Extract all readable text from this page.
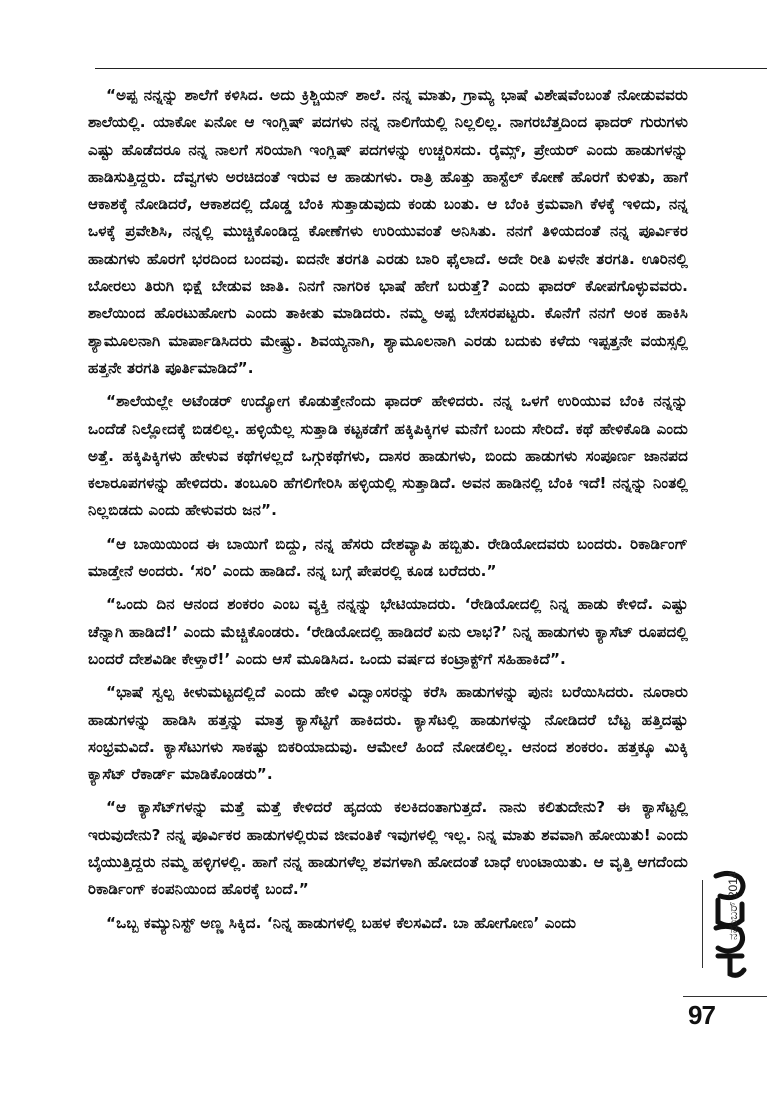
“ಅಪ್ಪ ನನ್ನನ್ನು ಶಾಲೆಗೆ ಕಳಿಸಿದ. ಅದು ಕ್ರಿಶ್ಚಿಯನ್ ಶಾಲೆ. ನನ್ನ ಮಾತು, ಗ್ರಾಮ್ಯ ಭಾಷೆ ವಿಶೇಷವೆಂಬಂತೆ ನೋಡುವವರು ಶಾಲೆಯಲ್ಲಿ. ಯಾಕೋ ಏನೋ ಆ ಇಂಗ್ಲಿಷ್ ಪದಗಳು ನನ್ನ ನಾಲಿಗೆಯಲ್ಲಿ ನಿಲ್ಲಲಿಲ್ಲ. ನಾಗರಬೆತ್ತದಿಂದ ಫಾದರ್ ಗುರುಗಳು ಎಷ್ಟು ಹೊಡೆದರೂ ನನ್ನ ನಾಲಗೆ ಸರಿಯಾಗಿ ಇಂಗ್ಲಿಷ್ ಪದಗಳನ್ನು ಉಚ್ಚರಿಸದು. ರೈಮ್ಸ್, ಪ್ರೇಯರ್ ಎಂದು ಹಾಡುಗಳನ್ನು ಹಾಡಿಸುತ್ತಿದ್ದರು. ದೆವ್ವಗಳು ಅರಚಿದಂತೆ ಇರುವ ಆ ಹಾಡುಗಳು. ರಾತ್ರಿ ಹೊತ್ತು ಹಾಸ್ಟೆಲ್ ಕೋಣೆ ಹೊರಗೆ ಕುಳಿತು, ಹಾಗೆ ಆಕಾಶಕ್ಕೆ ನೋಡಿದರೆ, ಆಕಾಶದಲ್ಲಿ ದೊಡ್ಡ ಬೆಂಕಿ ಸುತ್ತಾಡುವುದು ಕಂಡು ಬಂತು. ಆ ಬೆಂಕಿ ಕ್ರಮವಾಗಿ ಕೆಳಕ್ಕೆ ಇಳಿದು, ನನ್ನ ಒಳಕ್ಕೆ ಪ್ರವೇಶಿಸಿ, ನನ್ನಲ್ಲಿ ಮುಚ್ಚಿಕೊಂಡಿದ್ದ ಕೋಣೆಗಳು ಉರಿಯುವಂತೆ ಅನಿಸಿತು. ನನಗೆ ತಿಳಿಯದಂತೆ ನನ್ನ ಪೂರ್ವಿಕರ ಹಾಡುಗಳು ಹೊರಗೆ ಭರದಿಂದ ಬಂದವು. ಐದನೇ ತರಗತಿ ಎರಡು ಬಾರಿ ಫೈಲಾದೆ. ಅದೇ ರೀತಿ ಏಳನೇ ತರಗತಿ. ಊರಿನಲ್ಲಿ ಬೋರಲು ತಿರುಗಿ ಭಿಕ್ಷೆ ಬೇಡುವ ಜಾತಿ. ನಿನಗೆ ನಾಗರಿಕ ಭಾಷೆ ಹೇಗೆ ಬರುತ್ತೆ? ಎಂದು ಫಾದರ್ ಕೋಪಗೊಳ್ಳುವವರು. ಶಾಲೆಯಿಂದ ಹೊರಟುಹೋಗು ಎಂದು ತಾಕೀತು ಮಾಡಿದರು. ನಮ್ಮ ಅಪ್ಪ ಬೇಸರಪಟ್ಟರು. ಕೊನೆಗೆ ನನಗೆ ಅಂಕ ಹಾಕಿಸಿ ಶ್ಯಾಮೂಲನಾಗಿ ಮಾರ್ಪಾಡಿಸಿದರು ಮೇಷ್ಟ್ರು. ಶಿವಯ್ಯನಾಗಿ, ಶ್ಯಾಮೂಲನಾಗಿ ಎರಡು ಬದುಕು ಕಳೆದು ಇಪ್ಪತ್ತನೇ ವಯಸ್ಸಲ್ಲಿ ಹತ್ತನೇ ತರಗತಿ ಪೂರ್ತಿಮಾಡಿದೆ”.

“ಶಾಲೆಯಲ್ಲೇ ಅಟೆಂಡರ್ ಉದ್ಯೋಗ ಕೊಡುತ್ತೇನೆಂದು ಫಾದರ್ ಹೇಳಿದರು. ನನ್ನ ಒಳಗೆ ಉರಿಯುವ ಬೆಂಕಿ ನನ್ನನ್ನು ಒಂದೆಡೆ ನಿಲ್ಲೋದಕ್ಕೆ ಬಿಡಲಿಲ್ಲ. ಹಳ್ಳಿಯೆಲ್ಲ ಸುತ್ತಾಡಿ ಕಟ್ಟಕಡೆಗೆ ಹಕ್ಕಿಪಿಕ್ಕಿಗಳ ಮನೆಗೆ ಬಂದು ಸೇರಿದೆ. ಕಥೆ ಹೇಳಿಕೊಡಿ ಎಂದು ಅತ್ತೆ. ಹಕ್ಕಿಪಿಕ್ಕಿಗಳು ಹೇಳುವ ಕಥೆಗಳಲ್ಲದೆ ಒಗ್ಗುಕಥೆಗಳು, ದಾಸರ ಹಾಡುಗಳು, ಬಿಂದು ಹಾಡುಗಳು ಸಂಪೂರ್ಣ ಜಾನಪದ ಕಲಾರೂಪಗಳನ್ನು ಹೇಳಿದರು. ತಂಬೂರಿ ಹೆಗಲಿಗೇರಿಸಿ ಹಳ್ಳಿಯಲ್ಲಿ ಸುತ್ತಾಡಿದೆ. ಅವನ ಹಾಡಿನಲ್ಲಿ ಬೆಂಕಿ ಇದೆ! ನನ್ನನ್ನು ನಿಂತಲ್ಲಿ ನಿಲ್ಲಬಿಡದು ಎಂದು ಹೇಳುವರು ಜನ”.

“ಆ ಬಾಯಿಯಿಂದ ಈ ಬಾಯಿಗೆ ಬಿದ್ದು, ನನ್ನ ಹೆಸರು ದೇಶವ್ಯಾಪಿ ಹಬ್ಬಿತು. ರೇಡಿಯೋದವರು ಬಂದರು. ರಿಕಾರ್ಡಿಂಗ್ ಮಾಡ್ತೇನೆ ಅಂದರು. ‘ಸರಿ’ ಎಂದು ಹಾಡಿದೆ. ನನ್ನ ಬಗ್ಗೆ ಪೇಪರಲ್ಲಿ ಕೂಡ ಬರೆದರು.”

“ಒಂದು ದಿನ ಆನಂದ ಶಂಕರಂ ಎಂಬ ವ್ಯಕ್ತಿ ನನ್ನನ್ನು ಭೇಟಿಯಾದರು. ‘ರೇಡಿಯೋದಲ್ಲಿ ನಿನ್ನ ಹಾಡು ಕೇಳಿದೆ. ಎಷ್ಟು ಚೆನ್ನಾಗಿ ಹಾಡಿದೆ!’ ಎಂದು ಮೆಚ್ಚಿಕೊಂಡರು. ‘ರೇಡಿಯೋದಲ್ಲಿ ಹಾಡಿದರೆ ಏನು ಲಾಭ?’ ನಿನ್ನ ಹಾಡುಗಳು ಕ್ಯಾಸೆಟ್ ರೂಪದಲ್ಲಿ ಬಂದರೆ ದೇಶವಿಡೀ ಕೇಳ್ತಾರೆ!’ ಎಂದು ಆಸೆ ಮೂಡಿಸಿದ. ಒಂದು ವರ್ಷದ ಕಂಟ್ರಾಕ್ಟ್‌ಗೆ ಸಹಿಹಾಕಿದೆ”.

“ಭಾಷೆ ಸ್ವಲ್ಪ ಕೀಳುಮಟ್ಟದಲ್ಲಿದೆ ಎಂದು ಹೇಳಿ ವಿದ್ವಾಂಸರನ್ನು ಕರೆಸಿ ಹಾಡುಗಳನ್ನು ಪುನಃ ಬರೆಯಿಸಿದರು. ನೂರಾರು ಹಾಡುಗಳನ್ನು ಹಾಡಿಸಿ ಹತ್ತನ್ನು ಮಾತ್ರ ಕ್ಯಾಸೆಟ್ಟಿಗೆ ಹಾಕಿದರು. ಕ್ಯಾಸೆಟಲ್ಲಿ ಹಾಡುಗಳನ್ನು ನೋಡಿದರೆ ಬೆಟ್ಟ ಹತ್ತಿದಷ್ಟು ಸಂಭ್ರಮವಿದೆ. ಕ್ಯಾಸೆಟುಗಳು ಸಾಕಷ್ಟು ಬಿಕರಿಯಾದುವು. ಆಮೇಲೆ ಹಿಂದೆ ನೋಡಲಿಲ್ಲ. ಆನಂದ ಶಂಕರಂ. ಹತ್ತಕ್ಕೂ ಮಿಕ್ಕಿ ಕ್ಯಾಸೆಟ್ ರೆಕಾರ್ಡ್ ಮಾಡಿಕೊಂಡರು”.

“ಆ ಕ್ಯಾಸೆಟ್‌ಗಳನ್ನು ಮತ್ತೆ ಮತ್ತೆ ಕೇಳಿದರೆ ಹೃದಯ ಕಲಕಿದಂತಾಗುತ್ತದೆ. ನಾನು ಕಲಿತುದೇನು? ಈ ಕ್ಯಾಸೆಟ್ಟಲ್ಲಿ ಇರುವುದೇನು? ನನ್ನ ಪೂರ್ವಿಕರ ಹಾಡುಗಳಲ್ಲಿರುವ ಜೀವಂತಿಕೆ ಇವುಗಳಲ್ಲಿ ಇಲ್ಲ. ನಿನ್ನ ಮಾತು ಶವವಾಗಿ ಹೋಯಿತು! ಎಂದು ಬೈಯುತ್ತಿದ್ದರು ನಮ್ಮ ಹಳ್ಳಿಗಳಲ್ಲಿ. ಹಾಗೆ ನನ್ನ ಹಾಡುಗಳೆಲ್ಲ ಶವಗಳಾಗಿ ಹೋದಂತೆ ಬಾಧೆ ಉಂಟಾಯಿತು. ಆ ವೃತ್ತಿ ಆಗದೆಂದು ರಿಕಾರ್ಡಿಂಗ್ ಕಂಪನಿಯಿಂದ ಹೊರಕ್ಕೆ ಬಂದೆ.”

“ಒಬ್ಬ ಕಮ್ಯುನಿಸ್ಟ್ ಅಣ್ಣ ಸಿಕ್ಕಿದ. ‘ನಿನ್ನ ಹಾಡುಗಳಲ್ಲಿ ಬಹಳ ಕೆಲಸವಿದೆ. ಬಾ ಹೋಗೋಣ’ ಎಂದು	ನವೆಂಬರ್ 2014
97
